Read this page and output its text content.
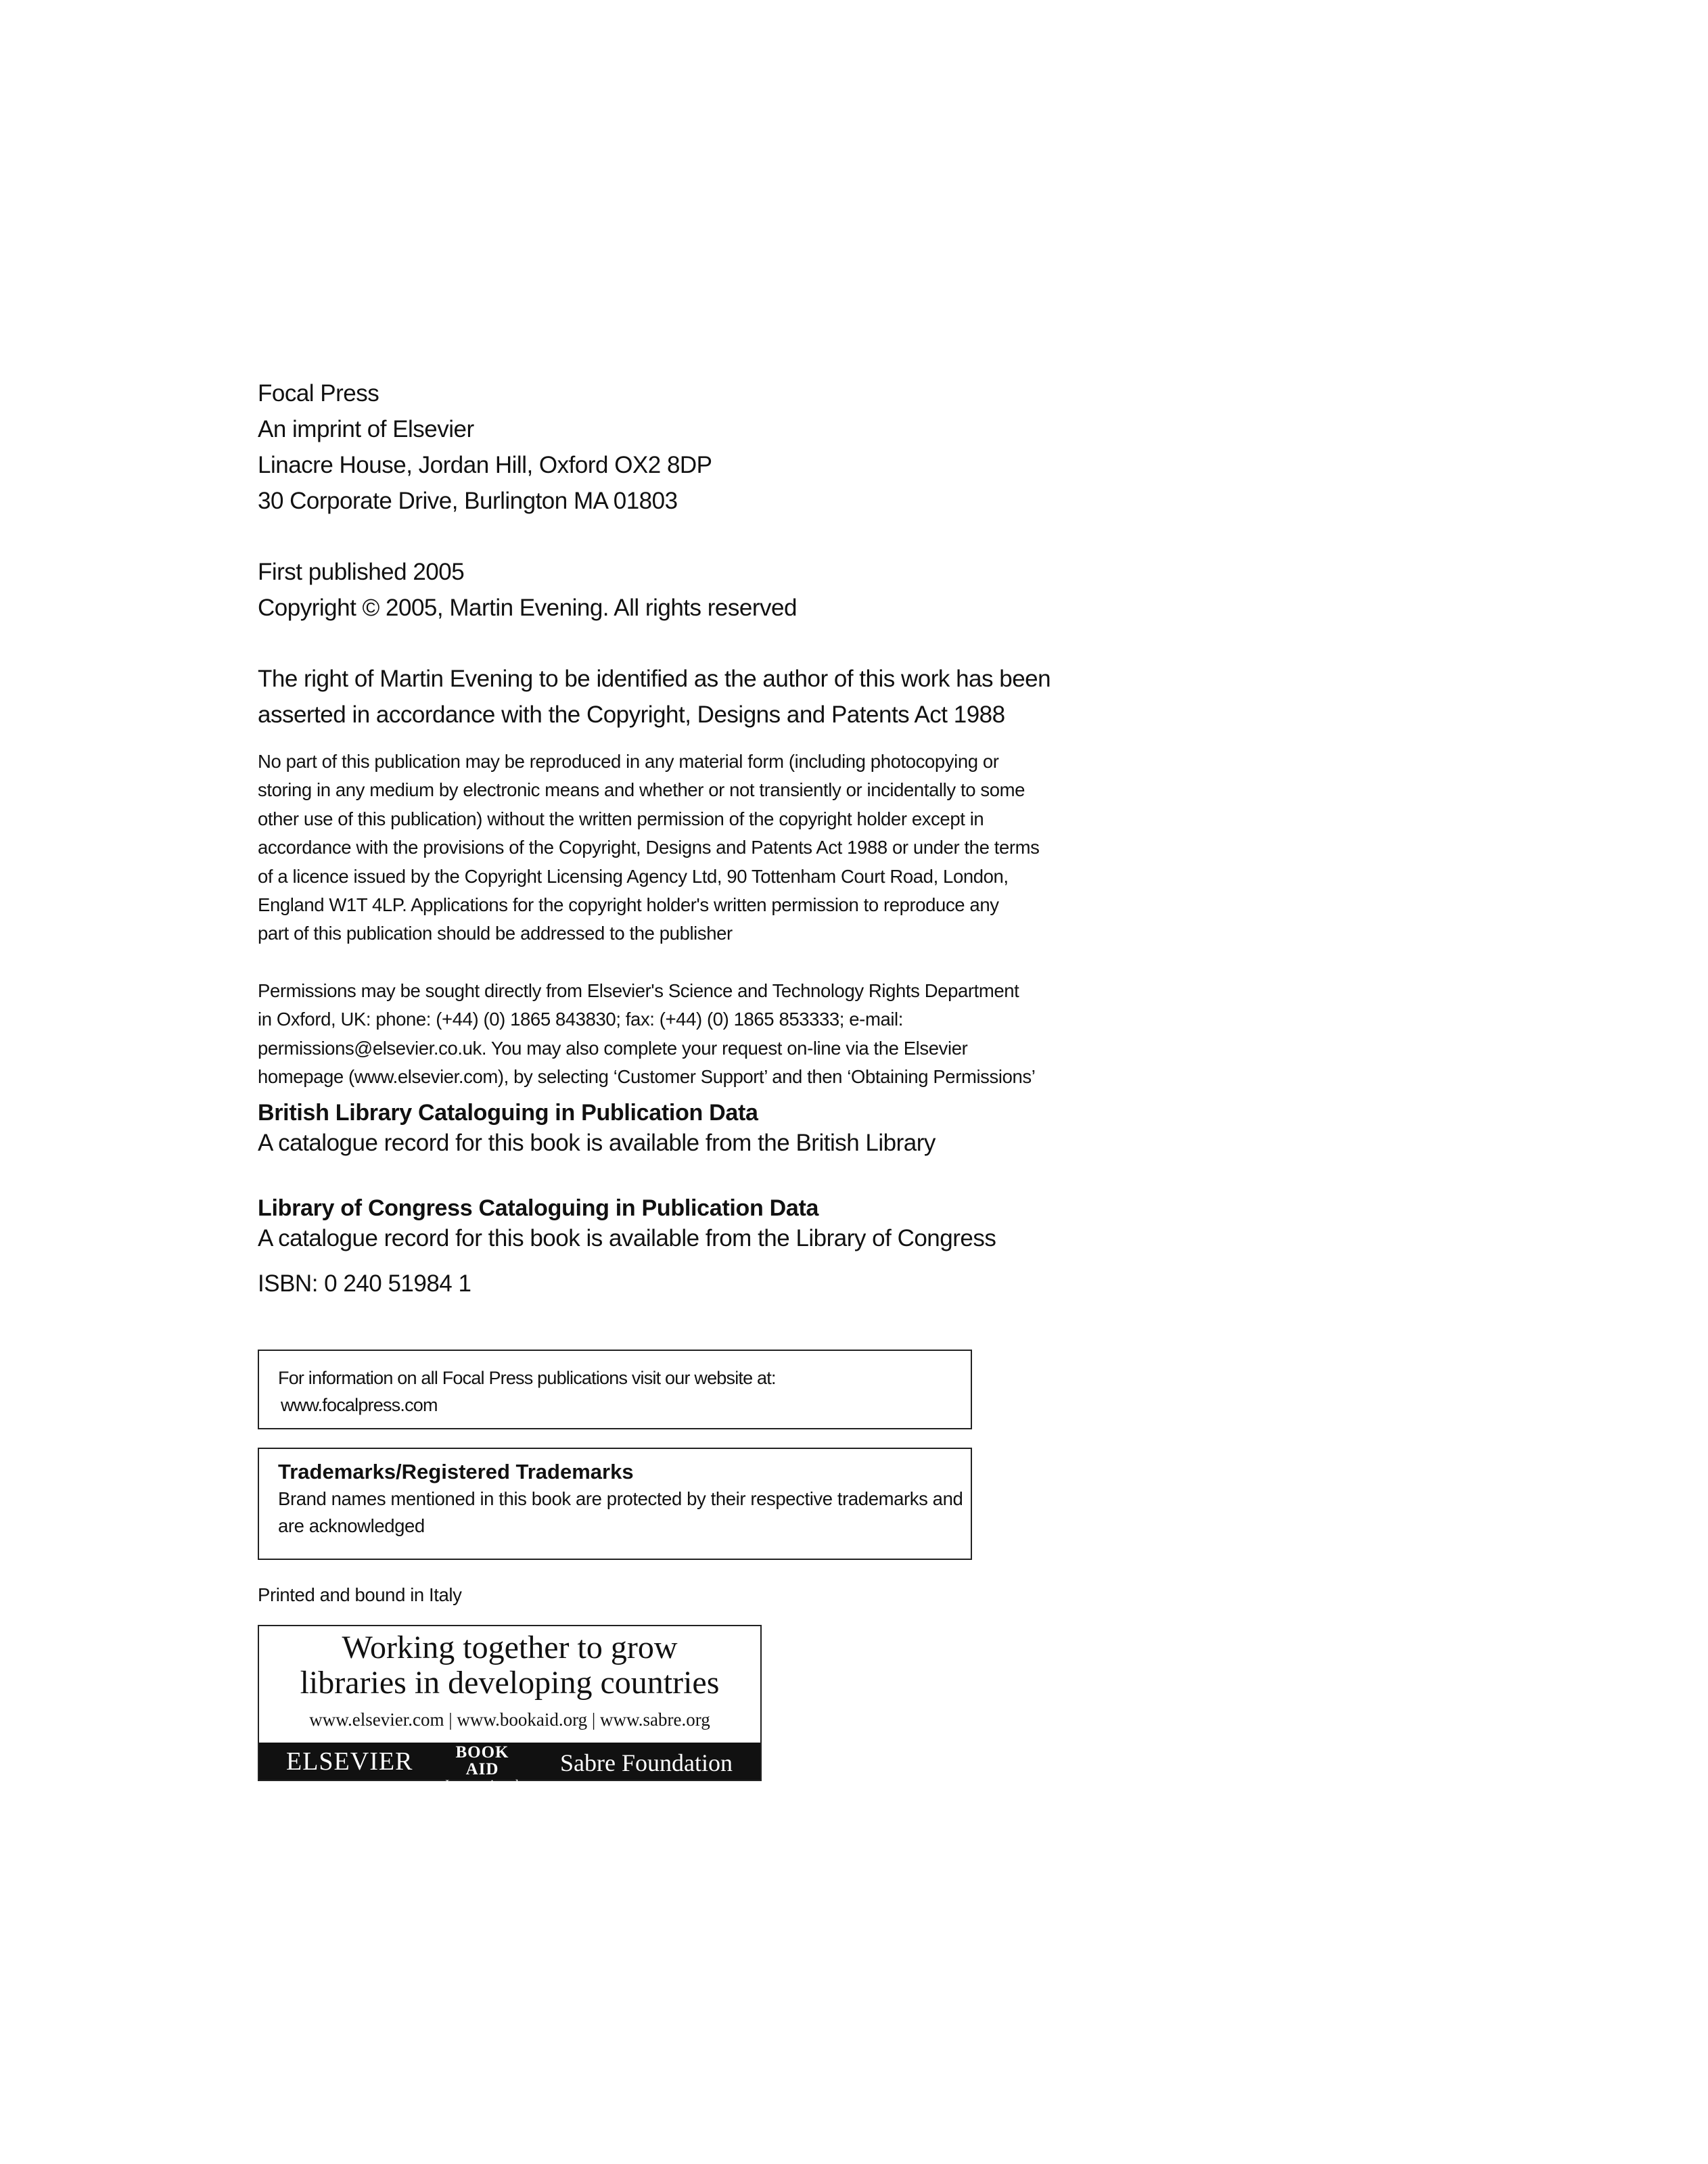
Focal Press
An imprint of Elsevier
Linacre House, Jordan Hill, Oxford OX2 8DP
30 Corporate Drive, Burlington MA 01803
First published 2005
Copyright © 2005, Martin Evening. All rights reserved
The right of Martin Evening to be identified as the author of this work has been
asserted in accordance with the Copyright, Designs and Patents Act 1988
No part of this publication may be reproduced in any material form (including photocopying or
storing in any medium by electronic means and whether or not transiently or incidentally to some
other use of this publication) without the written permission of the copyright holder except in
accordance with the provisions of the Copyright, Designs and Patents Act 1988 or under the terms
of a licence issued by the Copyright Licensing Agency Ltd, 90 Tottenham Court Road, London,
England W1T 4LP. Applications for the copyright holder's written permission to reproduce any
part of this publication should be addressed to the publisher
Permissions may be sought directly from Elsevier's Science and Technology Rights Department
in Oxford, UK: phone: (+44) (0) 1865 843830; fax: (+44) (0) 1865 853333; e-mail:
permissions@elsevier.co.uk. You may also complete your request on-line via the Elsevier
homepage (www.elsevier.com), by selecting ‘Customer Support’ and then ‘Obtaining Permissions’
British Library Cataloguing in Publication Data
A catalogue record for this book is available from the British Library
Library of Congress Cataloguing in Publication Data
A catalogue record for this book is available from the Library of Congress
ISBN: 0 240 51984 1
For information on all Focal Press publications visit our website at:
www.focalpress.com
Trademarks/Registered Trademarks
Brand names mentioned in this book are protected by their respective trademarks and
are acknowledged
Printed and bound in Italy
Working together to grow
libraries in developing countries
www.elsevier.com | www.bookaid.org | www.sabre.org
ELSEVIER	BOOK AID
International
Sabre Foundation
